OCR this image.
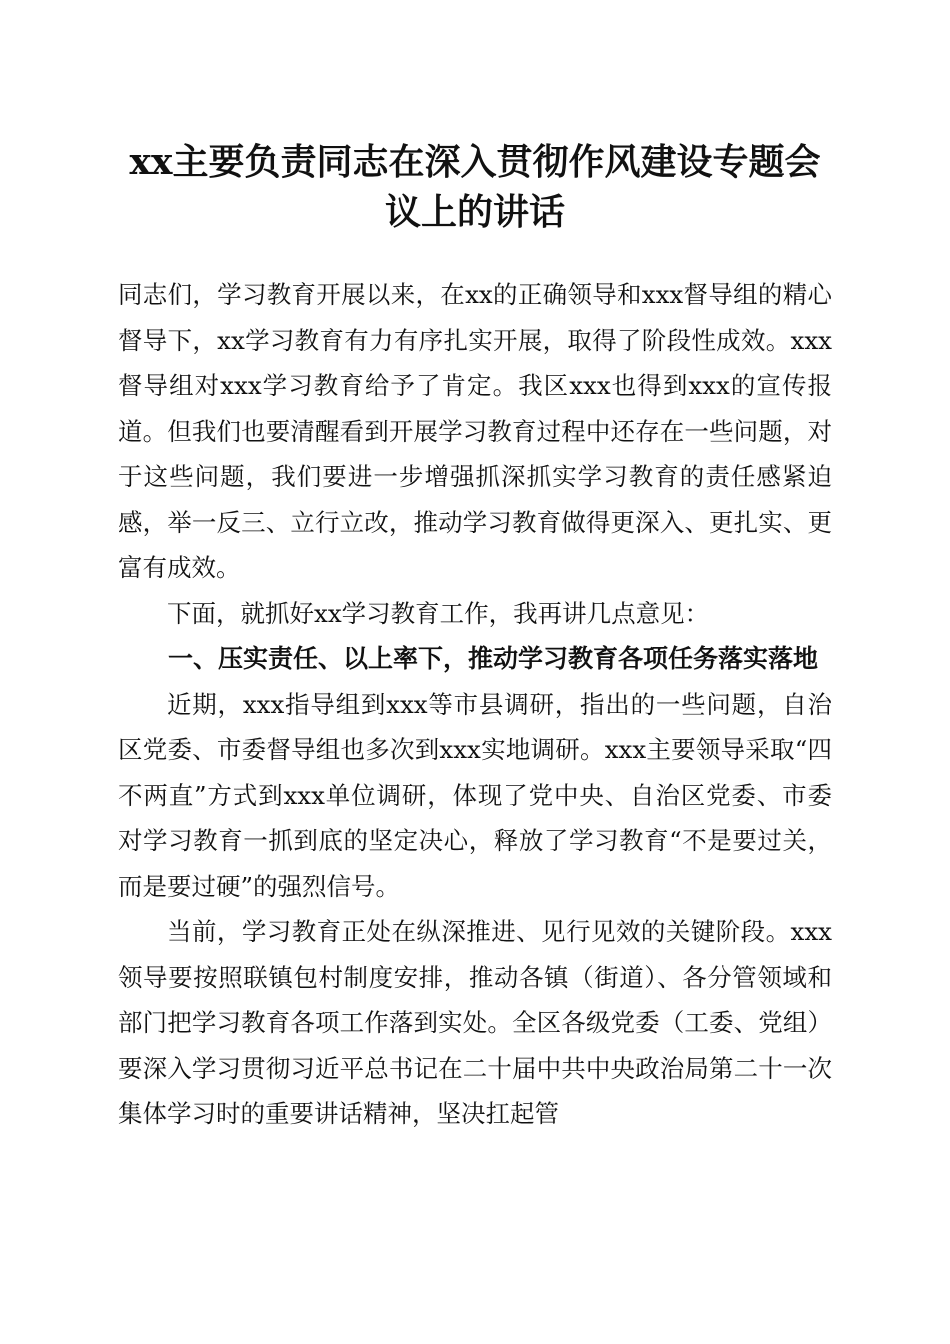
xx主要负责同志在深入贯彻作风建设专题会议上的讲话

同志们，学习教育开展以来，在xx的正确领导和xxx督导组的精心督导下，xx学习教育有力有序扎实开展，取得了阶段性成效。xxx督导组对xxx学习教育给予了肯定。我区xxx也得到xxx的宣传报道。但我们也要清醒看到开展学习教育过程中还存在一些问题，对于这些问题，我们要进一步增强抓深抓实学习教育的责任感紧迫感，举一反三、立行立改，推动学习教育做得更深入、更扎实、更富有成效。

下面，就抓好xx学习教育工作，我再讲几点意见：

一、压实责任、以上率下，推动学习教育各项任务落实落地

近期，xxx指导组到xxx等市县调研，指出的一些问题，自治区党委、市委督导组也多次到xxx实地调研。xxx主要领导采取“四不两直”方式到xxx单位调研，体现了党中央、自治区党委、市委对学习教育一抓到底的坚定决心，释放了学习教育“不是要过关，而是要过硬”的强烈信号。

当前，学习教育正处在纵深推进、见行见效的关键阶段。xxx领导要按照联镇包村制度安排，推动各镇（街道）、各分管领域和部门把学习教育各项工作落到实处。全区各级党委（工委、党组）要深入学习贯彻习近平总书记在二十届中共中央政治局第二十一次集体学习时的重要讲话精神，坚决扛起管
